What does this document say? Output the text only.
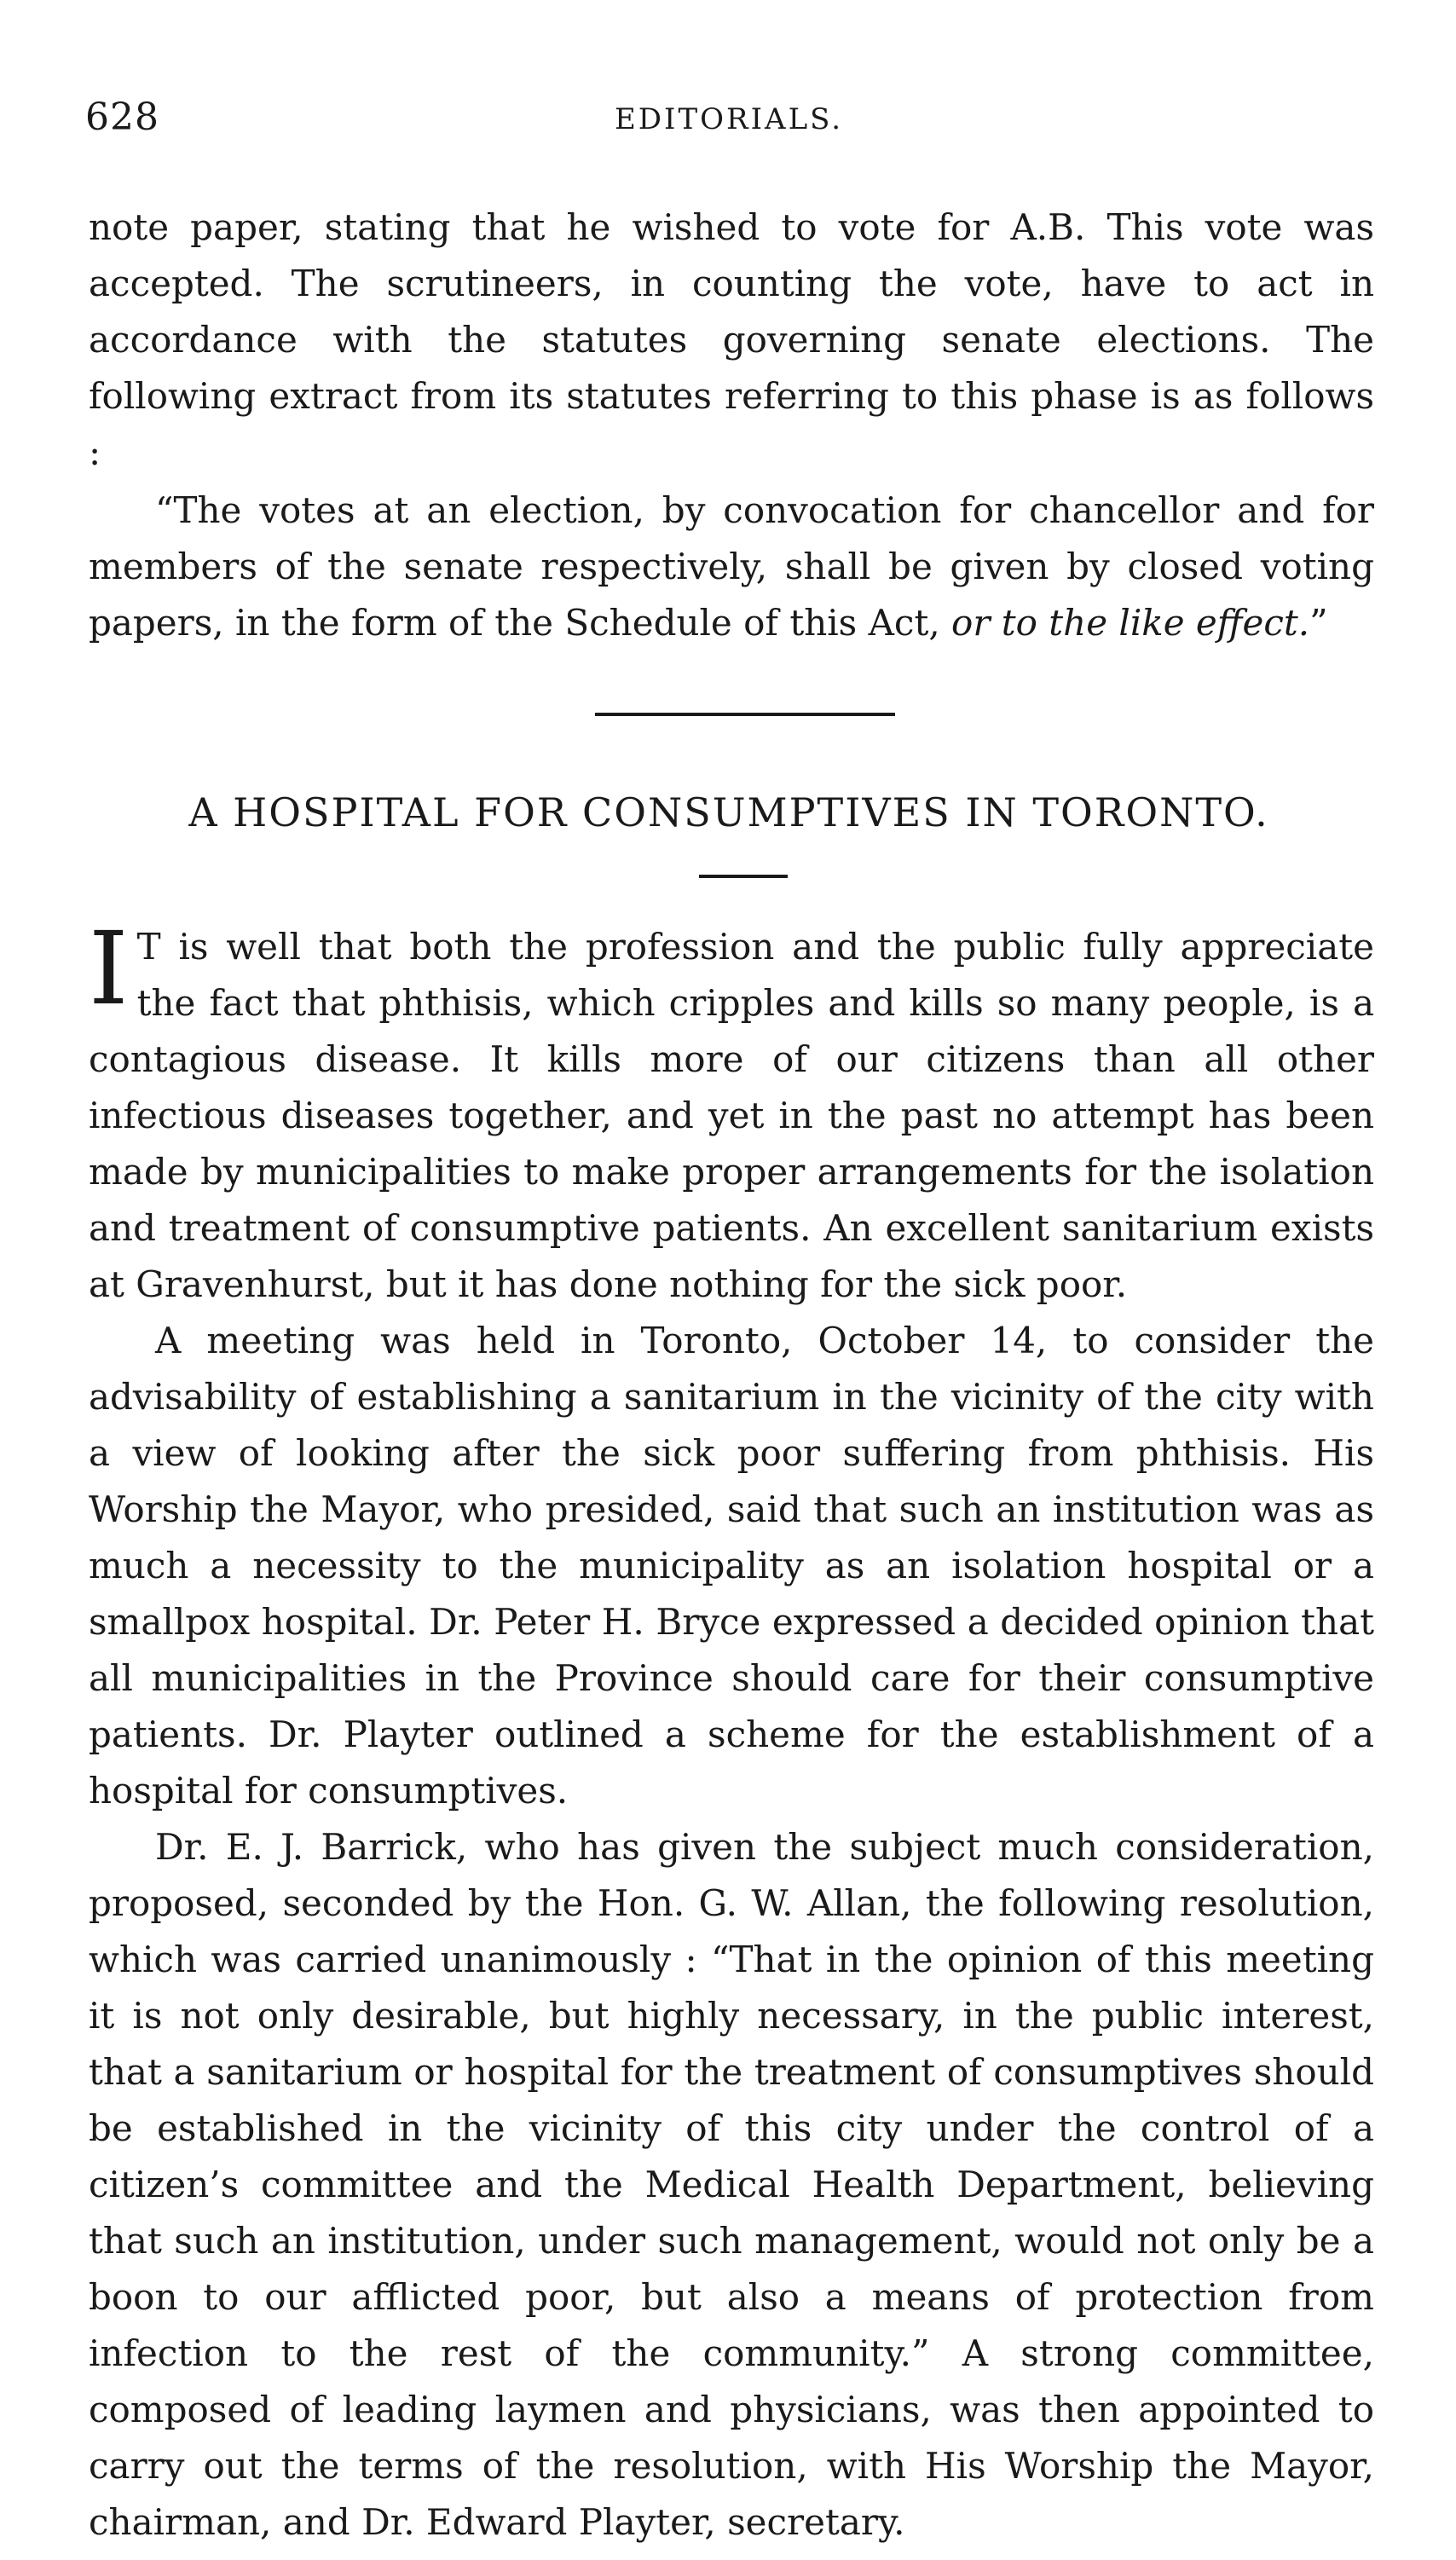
628	EDITORIALS.

note paper, stating that he wished to vote for A.B. This vote was accepted. The scrutineers, in counting the vote, have to act in accordance with the statutes governing senate elections. The following extract from its statutes referring to this phase is as follows :

“The votes at an election, by convocation for chancellor and for members of the senate respectively, shall be given by closed voting papers, in the form of the Schedule of this Act, or to the like effect.”

A HOSPITAL FOR CONSUMPTIVES IN TORONTO.

I T is well that both the profession and the public fully appreciate the fact that phthisis, which cripples and kills so many people, is a contagious disease. It kills more of our citizens than all other infectious diseases together, and yet in the past no attempt has been made by municipalities to make proper arrangements for the isolation and treatment of consumptive patients. An excellent sanitarium exists at Gravenhurst, but it has done nothing for the sick poor.

A meeting was held in Toronto, October 14, to consider the advisability of establishing a sanitarium in the vicinity of the city with a view of looking after the sick poor suffering from phthisis. His Worship the Mayor, who presided, said that such an institution was as much a necessity to the municipality as an isolation hospital or a smallpox hospital. Dr. Peter H. Bryce expressed a decided opinion that all municipalities in the Province should care for their consumptive patients. Dr. Playter outlined a scheme for the establishment of a hospital for consumptives.

Dr. E. J. Barrick, who has given the subject much consideration, proposed, seconded by the Hon. G. W. Allan, the following resolution, which was carried unanimously : “That in the opinion of this meeting it is not only desirable, but highly necessary, in the public interest, that a sanitarium or hospital for the treatment of consumptives should be established in the vicinity of this city under the control of a citizen’s committee and the Medical Health Department, believing that such an institution, under such management, would not only be a boon to our afflicted poor, but also a means of protection from infection to the rest of the community.” A strong committee, composed of leading laymen and physicians, was then appointed to carry out the terms of the resolution, with His Worship the Mayor, chairman, and Dr. Edward Playter, secretary.
